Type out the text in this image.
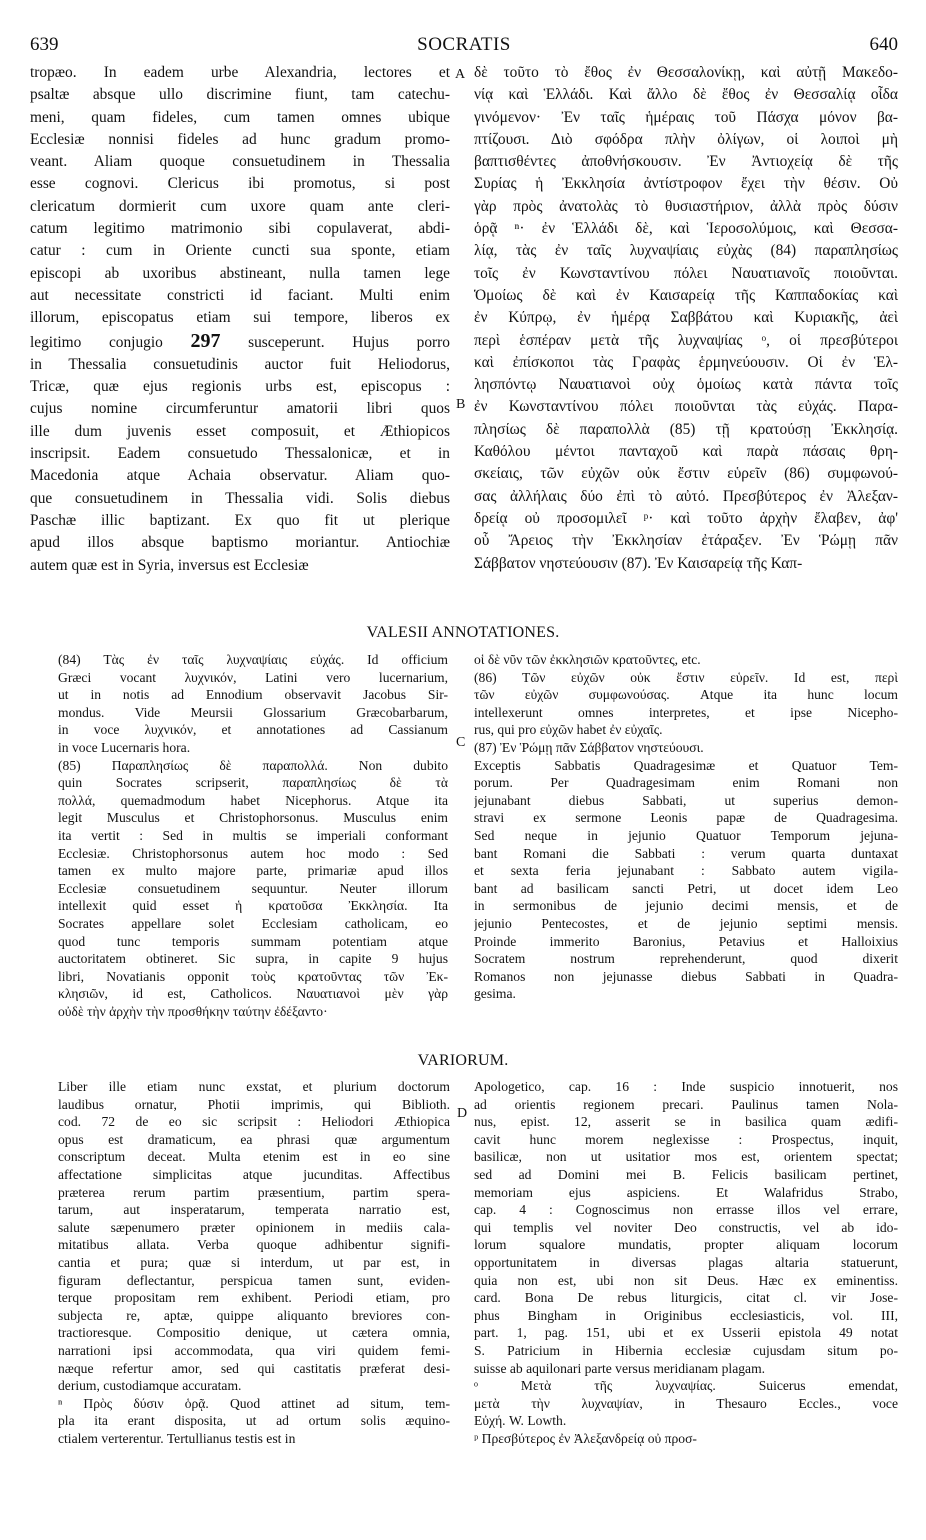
639	SOCRATIS	640
tropæo. In eadem urbe Alexandria, lectores et
psaltæ absque ullo discrimine fiunt, tam catechu-
meni, quam fideles, cum tamen omnes ubique
Ecclesiæ nonnisi fideles ad hunc gradum promo-
veant. Aliam quoque consuetudinem in Thessalia
esse cognovi. Clericus ibi promotus, si post
clericatum dormierit cum uxore quam ante cleri-
catum legitimo matrimonio sibi copulaverat, abdi-
catur : cum in Oriente cuncti sua sponte, etiam
episcopi ab uxoribus abstineant, nulla tamen lege
aut necessitate constricti id faciant. Multi enim
illorum, episcopatus etiam sui tempore, liberos ex
legitimo conjugio 297 susceperunt. Hujus porro
in Thessalia consuetudinis auctor fuit Heliodorus,
Tricæ, quæ ejus regionis urbs est, episcopus :
cujus nomine circumferuntur amatorii libri quos
ille dum juvenis esset composuit, et Æthiopicos
inscripsit. Eadem consuetudo Thessalonicæ, et in
Macedonia atque Achaia observatur. Aliam quo-
que consuetudinem in Thessalia vidi. Solis diebus
Paschæ illic baptizant. Ex quo fit ut plerique
apud illos absque baptismo moriantur. Antiochiæ
autem quæ est in Syria, inversus est Ecclesiæ
A
B
δὲ τοῦτο τὸ ἔθος ἐν Θεσσαλονίκῃ, καὶ αὐτῇ Μακεδο-
νίᾳ καὶ Ἑλλάδι. Καὶ ἄλλο δὲ ἔθος ἐν Θεσσαλίᾳ οἶδα
γινόμενον· Ἐν ταῖς ἡμέραις τοῦ Πάσχα μόνον βα-
πτίζουσι. Διὸ σφόδρα πλὴν ὀλίγων, οἱ λοιποὶ μὴ
βαπτισθέντες ἀποθνήσκουσιν. Ἐν Ἀντιοχείᾳ δὲ τῆς
Συρίας ἡ Ἐκκλησία ἀντίστροφον ἔχει τὴν θέσιν. Οὐ
γὰρ πρὸς ἀνατολὰς τὸ θυσιαστήριον, ἀλλὰ πρὸς δύσιν
ὁρᾷ ⁿ· ἐν Ἑλλάδι δὲ, καὶ Ἱεροσολύμοις, καὶ Θεσσα-
λίᾳ, τὰς ἐν ταῖς λυχναψίαις εὐχὰς (84) παραπλησίως
τοῖς ἐν Κωνσταντίνου πόλει Ναυατιανοῖς ποιοῦνται.
Ὁμοίως δὲ καὶ ἐν Καισαρείᾳ τῆς Καππαδοκίας καὶ
ἐν Κύπρῳ, ἐν ἡμέρᾳ Σαββάτου καὶ Κυριακῆς, ἀεὶ
περὶ ἑσπέραν μετὰ τῆς λυχναψίας ᵒ, οἱ πρεσβύτεροι
καὶ ἐπίσκοποι τὰς Γραφὰς ἑρμηνεύουσιν. Οἱ ἐν Ἑλ-
λησπόντῳ Ναυατιανοὶ οὐχ ὁμοίως κατὰ πάντα τοῖς
ἐν Κωνσταντίνου πόλει ποιοῦνται τὰς εὐχάς. Παρα-
πλησίως δὲ παραπολλὰ (85) τῇ κρατούσῃ Ἐκκλησίᾳ.
Καθόλου μέντοι πανταχοῦ καὶ παρὰ πάσαις θρη-
σκείαις, τῶν εὐχῶν οὐκ ἔστιν εὑρεῖν (86) συμφωνού-
σας ἀλλήλαις δύο ἐπὶ τὸ αὐτό. Πρεσβύτερος ἐν Ἀλεξαν-
δρείᾳ οὐ προσομιλεῖ ᵖ· καὶ τοῦτο ἀρχὴν ἔλαβεν, ἀφ'
οὗ Ἄρειος τὴν Ἐκκλησίαν ἐτάραξεν. Ἐν Ῥώμῃ πᾶν
Σάββατον νηστεύουσιν (87). Ἐν Καισαρείᾳ τῆς Καπ-
VALESII ANNOTATIONES.
(84) Τὰς ἐν ταῖς λυχναψίαις εὐχάς. Id officium
Græci vocant λυχνικόν, Latini vero lucernarium,
ut in notis ad Ennodium observavit Jacobus Sir-
mondus. Vide Meursii Glossarium Græcobarbarum,
in voce λυχνικόν, et annotationes ad Cassianum
in voce Lucernaris hora.
(85) Παραπλησίως δὲ παραπολλά. Non dubito
quin Socrates scripserit, παραπλησίως δὲ τὰ
πολλά, quemadmodum habet Nicephorus. Atque ita
legit Musculus et Christophorsonus. Musculus enim
ita vertit : Sed in multis se imperiali conformant
Ecclesiæ. Christophorsonus autem hoc modo : Sed
tamen ex multo majore parte, primariæ apud illos
Ecclesiæ consuetudinem sequuntur. Neuter illorum
intellexit quid esset ἡ κρατοῦσα Ἐκκλησία. Ita
Socrates appellare solet Ecclesiam catholicam, eo
quod tunc temporis summam potentiam atque
auctoritatem obtineret. Sic supra, in capite 9 hujus
libri, Novatianis opponit τοὺς κρατοῦντας τῶν Ἐκ-
κλησιῶν, id est, Catholicos. Ναυατιανοὶ μὲν γὰρ
οὐδὲ τὴν ἀρχὴν τὴν προσθήκην ταύτην ἐδέξαντο·
C
οἱ δὲ νῦν τῶν ἐκκλησιῶν κρατοῦντες, etc.
(86) Τῶν εὐχῶν οὐκ ἔστιν εὑρεῖν. Id est, περὶ
τῶν εὐχῶν συμφωνούσας. Atque ita hunc locum
intellexerunt omnes interpretes, et ipse Nicepho-
rus, qui pro εὐχῶν habet ἐν εὐχαῖς.
(87) Ἐν Ῥώμῃ πᾶν Σάββατον νηστεύουσι.
Exceptis Sabbatis Quadragesimæ et Quatuor Tem-
porum. Per Quadragesimam enim Romani non
jejunabant diebus Sabbati, ut superius demon-
stravi ex sermone Leonis papæ de Quadragesima.
Sed neque in jejunio Quatuor Temporum jejuna-
bant Romani die Sabbati : verum quarta duntaxat
et sexta feria jejunabant : Sabbato autem vigila-
bant ad basilicam sancti Petri, ut docet idem Leo
in sermonibus de jejunio decimi mensis, et de
jejunio Pentecostes, et de jejunio septimi mensis.
Proinde immerito Baronius, Petavius et Halloixius
Socratem nostrum reprehenderunt, quod dixerit
Romanos non jejunasse diebus Sabbati in Quadra-
gesima.
VARIORUM.
Liber ille etiam nunc exstat, et plurium doctorum
laudibus ornatur, Photii imprimis, qui Biblioth.
cod. 72 de eo sic scripsit : Heliodori Æthiopica
opus est dramaticum, ea phrasi quæ argumentum
conscriptum deceat. Multa etenim est in eo sine
affectatione simplicitas atque jucunditas. Affectibus
præterea rerum partim præsentium, partim spera-
tarum, aut insperatarum, temperata narratio est,
salute sæpenumero præter opinionem in mediis cala-
mitatibus allata. Verba quoque adhibentur signifi-
cantia et pura; quæ si interdum, ut par est, in
figuram deflectantur, perspicua tamen sunt, eviden-
terque propositam rem exhibent. Periodi etiam, pro
subjecta re, aptæ, quippe aliquanto breviores con-
tractioresque. Compositio denique, ut cætera omnia,
narrationi ipsi accommodata, qua viri quidem femi-
næque refertur amor, sed qui castitatis præferat desi-
derium, custodiamque accuratam.
ⁿ Πρὸς δύσιν ὁρᾷ. Quod attinet ad situm, tem-
pla ita erant disposita, ut ad ortum solis æquino-
ctialem verterentur. Tertullianus testis est in
D
Apologetico, cap. 16 : Inde suspicio innotuerit, nos
ad orientis regionem precari. Paulinus tamen Nola-
nus, epist. 12, asserit se in basilica quam ædifi-
cavit hunc morem neglexisse : Prospectus, inquit,
basilicæ, non ut usitatior mos est, orientem spectat;
sed ad Domini mei B. Felicis basilicam pertinet,
memoriam ejus aspiciens. Et Walafridus Strabo,
cap. 4 : Cognoscimus non errasse illos vel errare,
qui templis vel noviter Deo constructis, vel ab ido-
lorum squalore mundatis, propter aliquam locorum
opportunitatem in diversas plagas altaria statuerunt,
quia non est, ubi non sit Deus. Hæc ex eminentiss.
card. Bona De rebus liturgicis, citat cl. vir Jose-
phus Bingham in Originibus ecclesiasticis, vol. III,
part. 1, pag. 151, ubi et ex Usserii epistola 49 notat
S. Patricium in Hibernia ecclesiæ cujusdam situm po-
suisse ab aquilonari parte versus meridianam plagam.
ᵒ Μετὰ τῆς λυχναψίας. Suicerus emendat,
μετὰ τὴν λυχναψίαν, in Thesauro Eccles., voce
Εὐχή. W. Lowth.
ᵖ Πρεσβύτερος ἐν Ἀλεξανδρείᾳ οὐ προσ-
